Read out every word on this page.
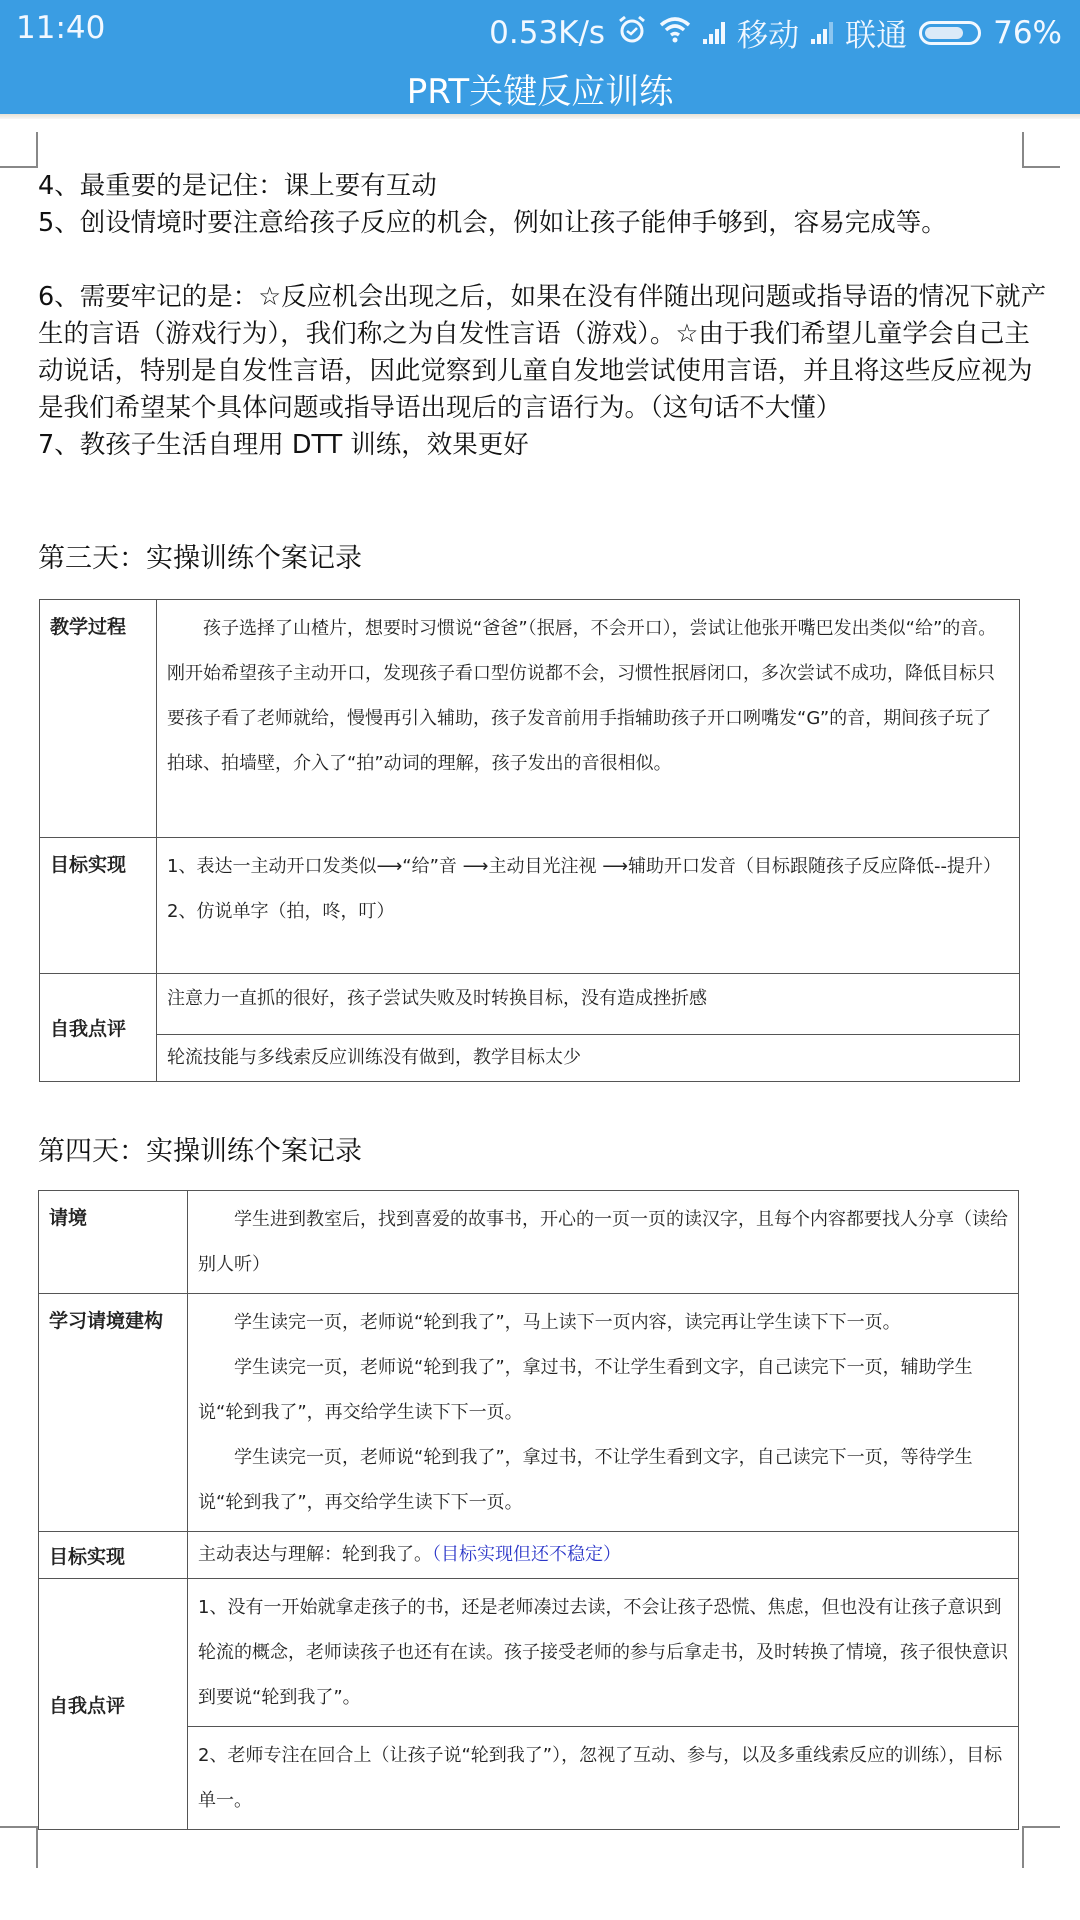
11:40	0.53K/s	移动 联通	76%
PRT关键反应训练

4、最重要的是记住：课上要有互动

5、创设情境时要注意给孩子反应的机会，例如让孩子能伸手够到，容易完成等。

6、需要牢记的是：☆反应机会出现之后，如果在没有伴随出现问题或指导语的情况下就产生的言语（游戏行为），我们称之为自发性言语（游戏）。☆由于我们希望儿童学会自己主动说话，特别是自发性言语，因此觉察到儿童自发地尝试使用言语，并且将这些反应视为是我们希望某个具体问题或指导语出现后的言语行为。（这句话不大懂）

7、教孩子生活自理用 DTT 训练，效果更好

第三天：实操训练个案记录
教学过程	孩子选择了山楂片，想要时习惯说“爸爸”（抿唇，不会开口），尝试让他张开嘴巴发出类似“给”的音。刚开始希望孩子主动开口，发现孩子看口型仿说都不会，习惯性抿唇闭口，多次尝试不成功，降低目标只要孩子看了老师就给，慢慢再引入辅助，孩子发音前用手指辅助孩子开口咧嘴发“G”的音，期间孩子玩了拍球、拍墙壁，介入了“拍”动词的理解，孩子发出的音很相似。

目标实现	1、表达一主动开口发类似⟶“给”音 ⟶主动目光注视 ⟶辅助开口发音（目标跟随孩子反应降低--提升）
2、仿说单字（拍，咚，叮）
自我点评	注意力一直抓的很好，孩子尝试失败及时转换目标，没有造成挫折感
	轮流技能与多线索反应训练没有做到，教学目标太少
第四天：实操训练个案记录
请境	学生进到教室后，找到喜爱的故事书，开心的一页一页的读汉字，且每个内容都要找人分享（读给别人听）

学习请境建构	学生读完一页，老师说“轮到我了”，马上读下一页内容，读完再让学生读下下一页。
学生读完一页，老师说“轮到我了”，拿过书，不让学生看到文字，自己读完下一页，辅助学生说“轮到我了”，再交给学生读下下一页。
学生读完一页，老师说“轮到我了”，拿过书，不让学生看到文字，自己读完下一页，等待学生说“轮到我了”，再交给学生读下下一页。

目标实现	主动表达与理解：轮到我了。（目标实现但还不稳定）
自我点评	1、没有一开始就拿走孩子的书，还是老师凑过去读，不会让孩子恐慌、焦虑，但也没有让孩子意识到轮流的概念，老师读孩子也还有在读。孩子接受老师的参与后拿走书，及时转换了情境，孩子很快意识到要说“轮到我了”。
	2、老师专注在回合上（让孩子说“轮到我了”），忽视了互动、参与，以及多重线索反应的训练），目标单一。
